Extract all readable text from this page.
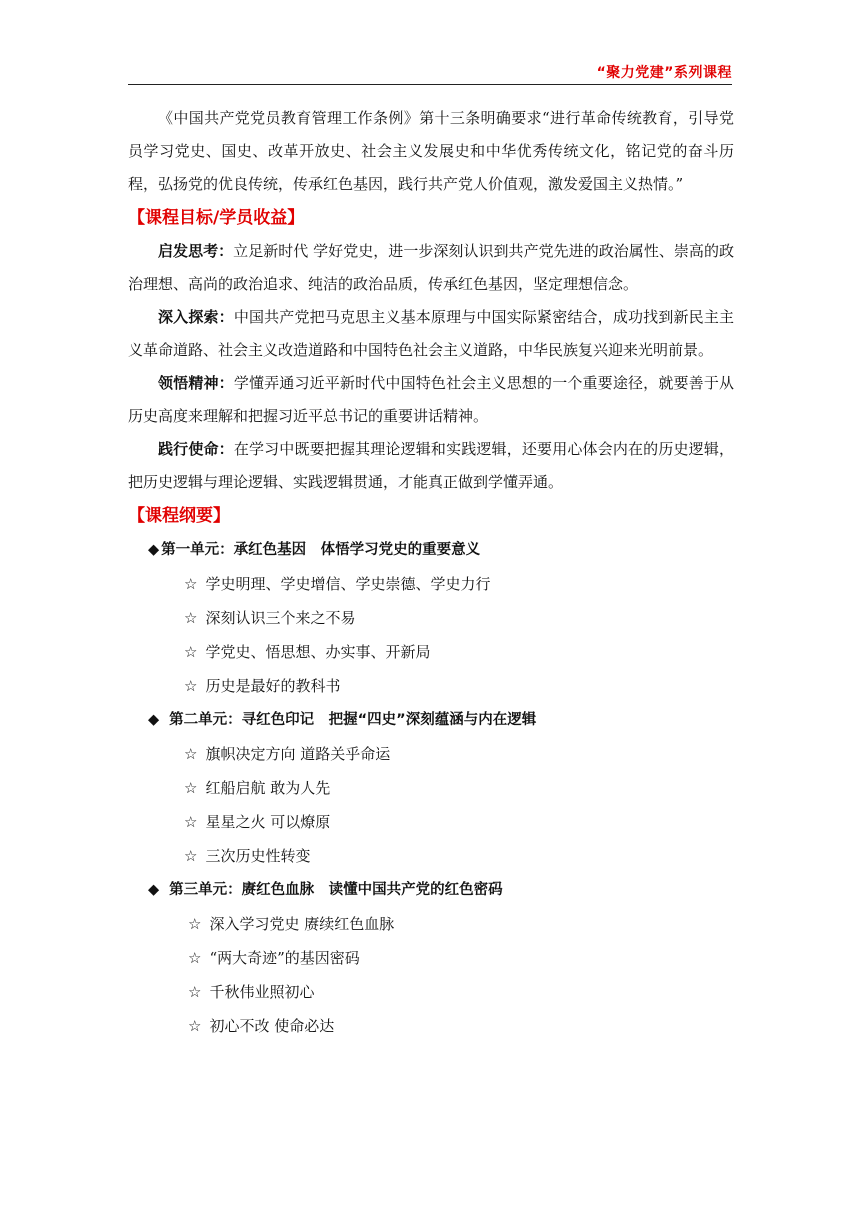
“聚力党建”系列课程

《中国共产党党员教育管理工作条例》第十三条明确要求“进行革命传统教育，引导党员学习党史、国史、改革开放史、社会主义发展史和中华优秀传统文化，铭记党的奋斗历程，弘扬党的优良传统，传承红色基因，践行共产党人价值观，激发爱国主义热情。”

【课程目标/学员收益】

启发思考：立足新时代 学好党史，进一步深刻认识到共产党先进的政治属性、崇高的政治理想、高尚的政治追求、纯洁的政治品质，传承红色基因，坚定理想信念。

深入探索：中国共产党把马克思主义基本原理与中国实际紧密结合，成功找到新民主主义革命道路、社会主义改造道路和中国特色社会主义道路，中华民族复兴迎来光明前景。

领悟精神：学懂弄通习近平新时代中国特色社会主义思想的一个重要途径，就要善于从历史高度来理解和把握习近平总书记的重要讲话精神。

践行使命：在学习中既要把握其理论逻辑和实践逻辑，还要用心体会内在的历史逻辑，把历史逻辑与理论逻辑、实践逻辑贯通，才能真正做到学懂弄通。

【课程纲要】
◆ 第一单元：承红色基因　体悟学习党史的重要意义
☆ 学史明理、学史增信、学史崇德、学史力行
☆ 深刻认识三个来之不易
☆ 学党史、悟思想、办实事、开新局
☆ 历史是最好的教科书
◆ 第二单元：寻红色印记　把握“四史”深刻蕴涵与内在逻辑
☆ 旗帜决定方向 道路关乎命运
☆ 红船启航 敢为人先
☆ 星星之火 可以燎原
☆ 三次历史性转变
◆ 第三单元：赓红色血脉　读懂中国共产党的红色密码
☆ 深入学习党史 赓续红色血脉
☆ “两大奇迹”的基因密码
☆ 千秋伟业照初心
☆ 初心不改 使命必达
